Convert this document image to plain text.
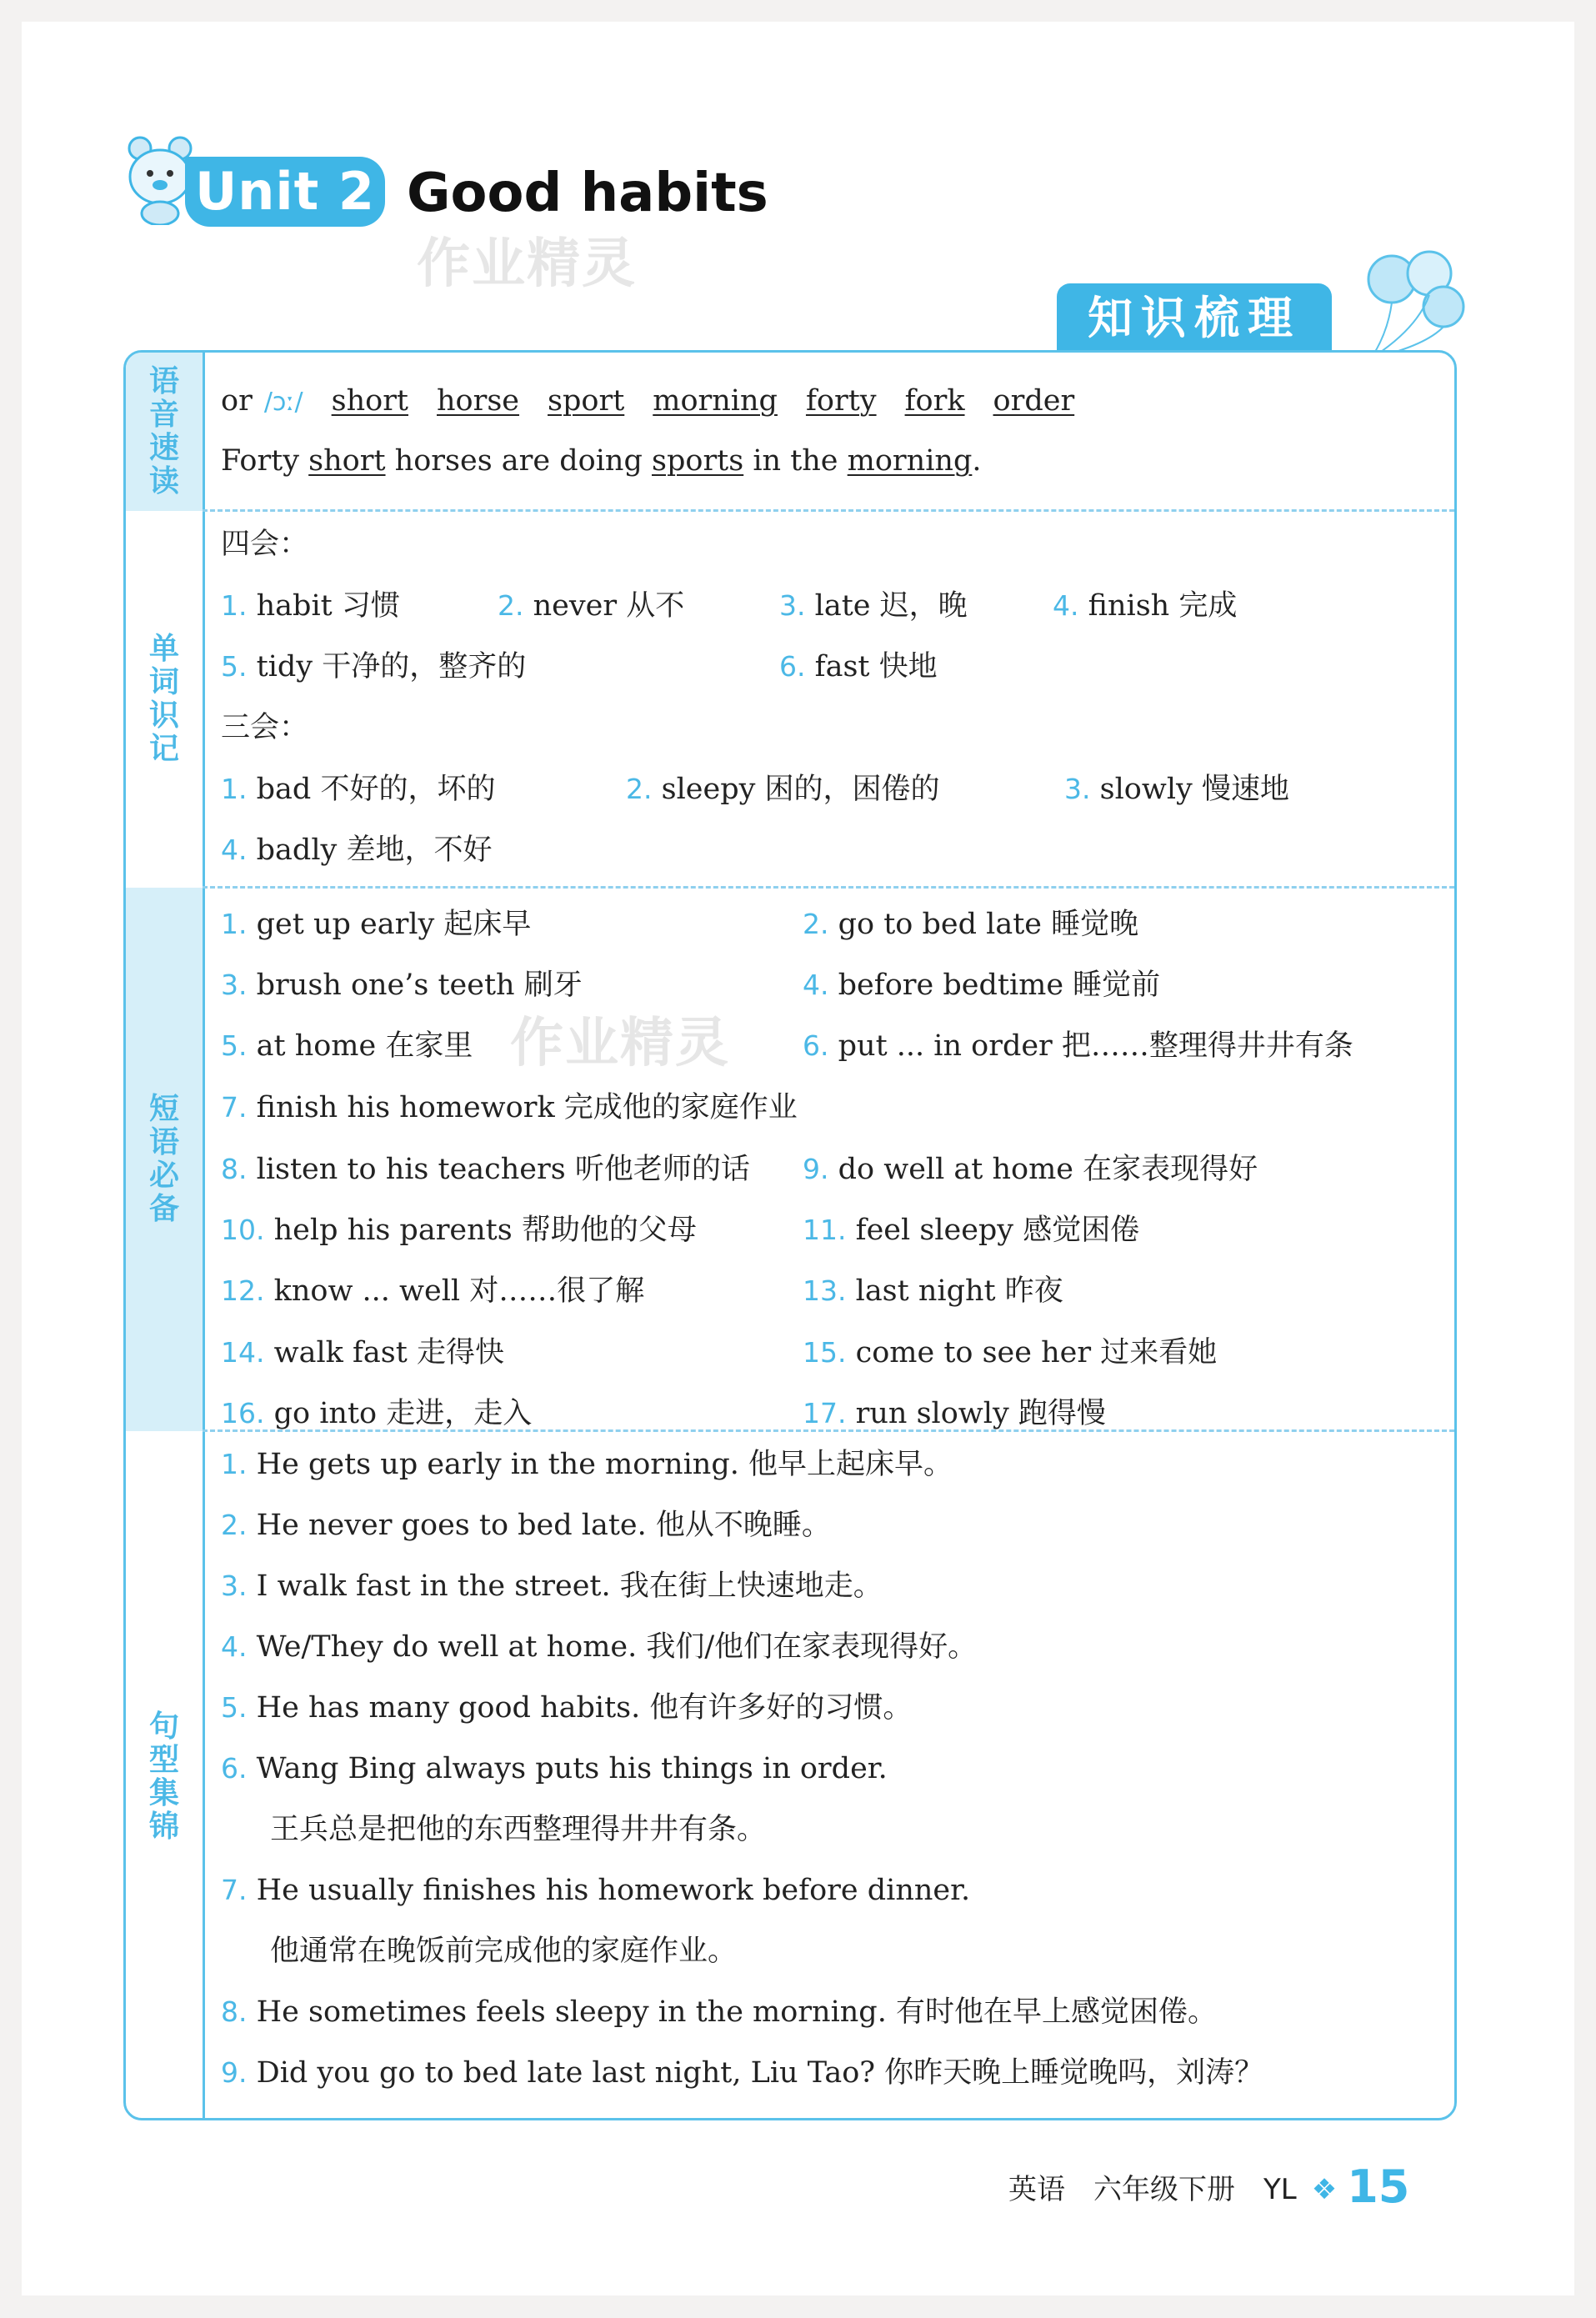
Unit 2 Good habits
作业精灵
知识梳理
语音速读
单词识记
短语必备
句型集锦
or /ɔː/ short horse sport morning forty fork order
Forty short horses are doing sports in the morning.
四会：
1. habit 习惯	2. never 从不	3. late 迟，晚	4. finish 完成
5. tidy 干净的，整齐的	6. fast 快地
三会：
1. bad 不好的，坏的	2. sleepy 困的，困倦的	3. slowly 慢速地
4. badly 差地，不好
1. get up early 起床早	2. go to bed late 睡觉晚
3. brush one’s teeth 刷牙	4. before bedtime 睡觉前
5. at home 在家里	6. put ... in order 把……整理得井井有条
7. finish his homework 完成他的家庭作业
8. listen to his teachers 听他老师的话 9. do well at home 在家表现得好
10. help his parents 帮助他的父母	11. feel sleepy 感觉困倦
12. know ... well 对……很了解	13. last night 昨夜
14. walk fast 走得快	15. come to see her 过来看她
16. go into 走进，走入	17. run slowly 跑得慢
1. He gets up early in the morning. 他早上起床早。
2. He never goes to bed late. 他从不晚睡。
3. I walk fast in the street. 我在街上快速地走。
4. We/They do well at home. 我们/他们在家表现得好。
5. He has many good habits. 他有许多好的习惯。
6. Wang Bing always puts his things in order.
王兵总是把他的东西整理得井井有条。
7. He usually finishes his homework before dinner.
他通常在晚饭前完成他的家庭作业。
8. He sometimes feels sleepy in the morning. 有时他在早上感觉困倦。
9. Did you go to bed late last night, Liu Tao? 你昨天晚上睡觉晚吗，刘涛？
作业精灵
英语 六年级下册 YL ❖ 15
